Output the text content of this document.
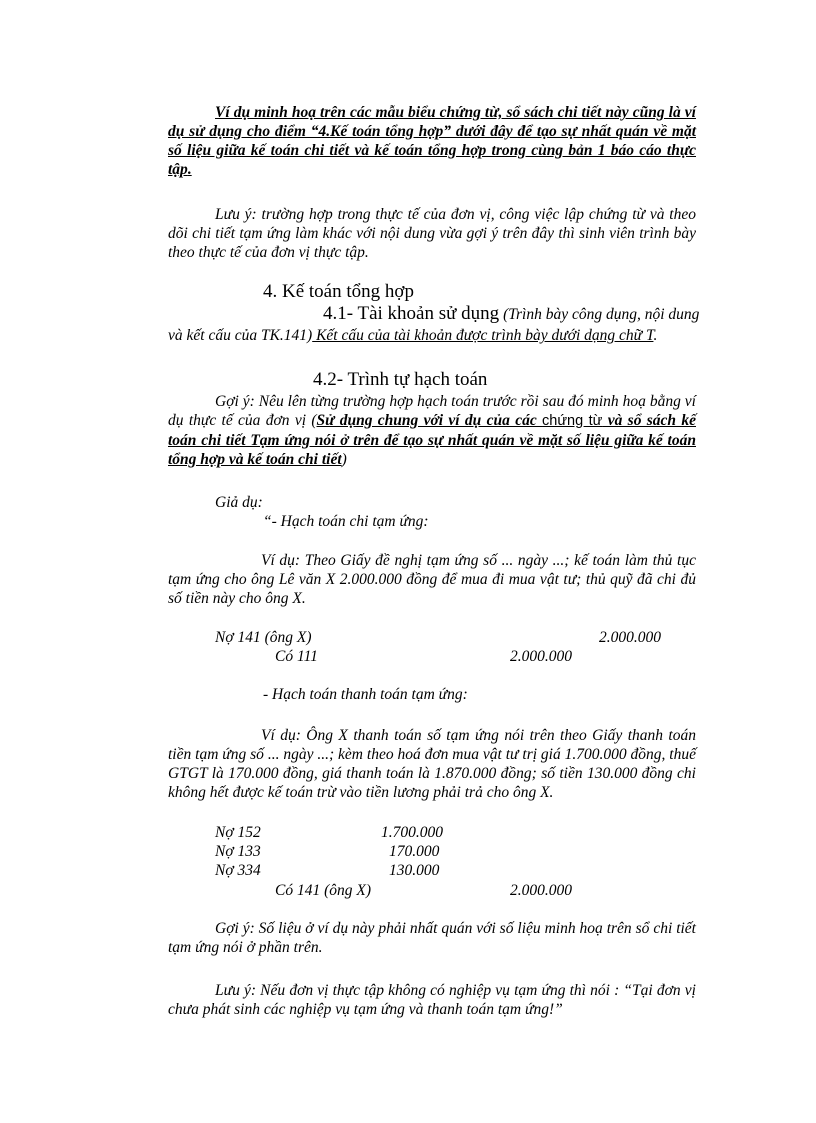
Ví dụ minh hoạ trên các mẫu biểu chứng từ, sổ sách chi tiết này cũng là ví dụ sử dụng cho điểm “4.Kế toán tổng hợp” dưới đây để tạo sự nhất quán về mặt số liệu giữa kế toán chi tiết và kế toán tổng hợp trong cùng bản 1 báo cáo thực tập.

Lưu ý: trường hợp trong thực tế của đơn vị, công việc lập chứng từ và theo dõi chi tiết tạm ứng làm khác với nội dung vừa gợi ý trên đây thì sinh viên trình bày theo thực tế của đơn vị thực tập.

4. Kế toán tổng hợp
4.1- Tài khoản sử dụng (Trình bày công dụng, nội dung
và kết cấu của TK.141) Kết cấu của tài khoản được trình bày dưới dạng chữ T.
4.2- Trình tự hạch toán

Gợi ý: Nêu lên từng trường hợp hạch toán trước rồi sau đó minh hoạ bằng ví dụ thực tế của đơn vị (Sử dụng chung với ví dụ của các chứng từ và sổ sách kế toán chi tiết Tạm ứng nói ở trên để tạo sự nhất quán về mặt số liệu giữa kế toán tổng hợp và kế toán chi tiết)

Giả dụ:
“- Hạch toán chi tạm ứng:

Ví dụ: Theo Giấy đề nghị tạm ứng số ... ngày ...; kế toán làm thủ tục tạm ứng cho ông Lê văn X 2.000.000 đồng để mua đi mua vật tư; thủ quỹ đã chi đủ số tiền này cho ông X.

Nợ 141 (ông X)	2.000.000
Có 111	2.000.000
- Hạch toán thanh toán tạm ứng:

Ví dụ: Ông X thanh toán số tạm ứng nói trên theo Giấy thanh toán tiền tạm ứng số ... ngày ...; kèm theo hoá đơn mua vật tư trị giá 1.700.000 đồng, thuế GTGT là 170.000 đồng, giá thanh toán là 1.870.000 đồng; số tiền 130.000 đồng chi không hết được kế toán trừ vào tiền lương phải trả cho ông X.

Nợ 152	1.700.000
Nợ 133	170.000
Nợ 334	130.000
Có 141 (ông X)	2.000.000

Gợi ý: Số liệu ở ví dụ này phải nhất quán với số liệu minh hoạ trên sổ chi tiết tạm ứng nói ở phần trên.

Lưu ý: Nếu đơn vị thực tập không có nghiệp vụ tạm ứng thì nói : “Tại đơn vị chưa phát sinh các nghiệp vụ tạm ứng và thanh toán tạm ứng!”
